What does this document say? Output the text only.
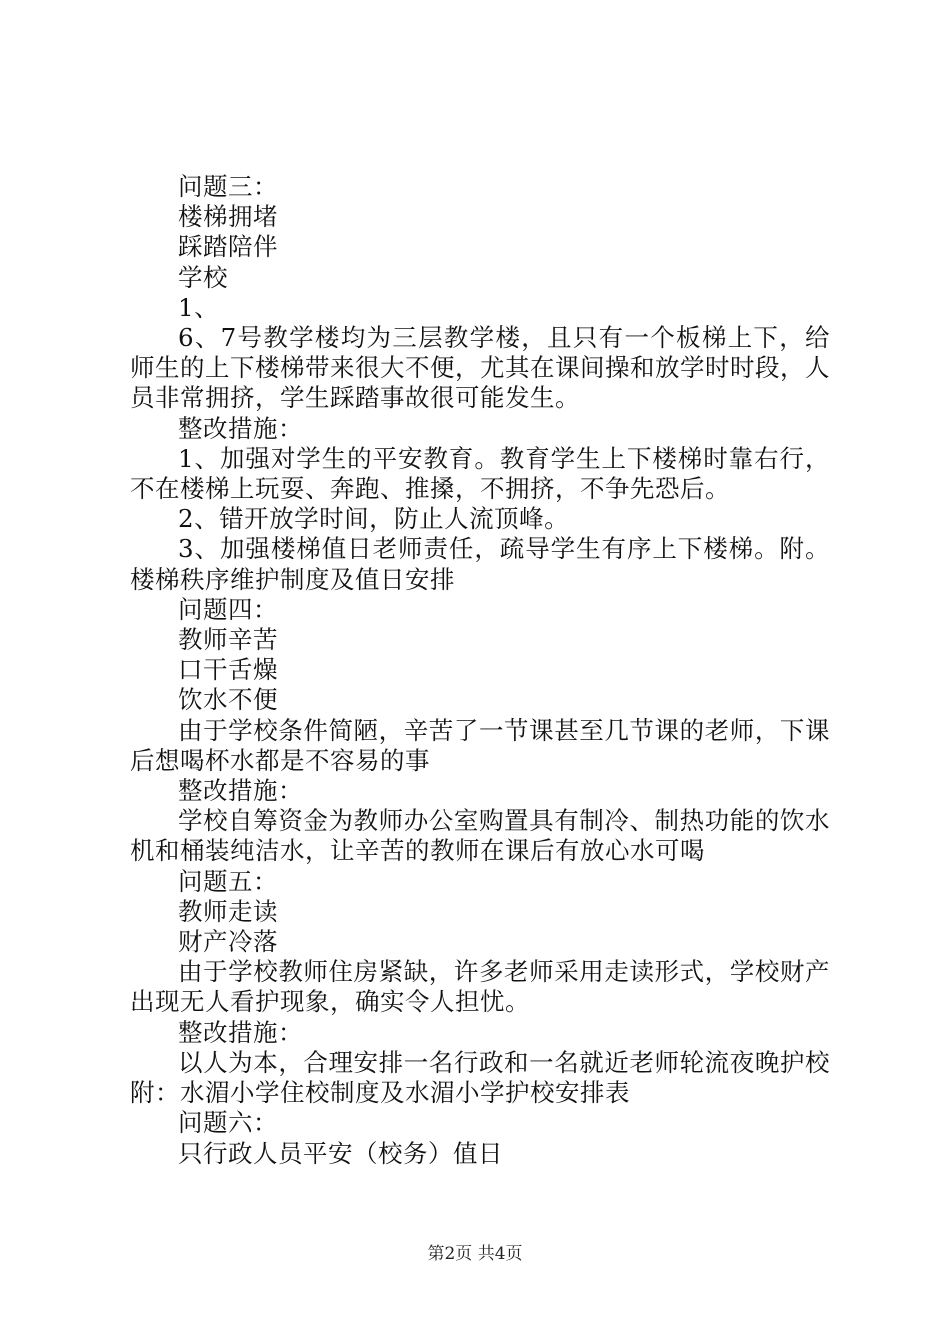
问题三：

楼梯拥堵

踩踏陪伴

学校

1、

6、7号教学楼均为三层教学楼，且只有一个板梯上下，给师生的上下楼梯带来很大不便，尤其在课间操和放学时时段，人员非常拥挤，学生踩踏事故很可能发生。

整改措施：

1、加强对学生的平安教育。教育学生上下楼梯时靠右行，不在楼梯上玩耍、奔跑、推搡，不拥挤，不争先恐后。

2、错开放学时间，防止人流顶峰。

3、加强楼梯值日老师责任，疏导学生有序上下楼梯。附。楼梯秩序维护制度及值日安排

问题四：

教师辛苦

口干舌燥

饮水不便

由于学校条件简陋，辛苦了一节课甚至几节课的老师，下课后想喝杯水都是不容易的事

整改措施：

学校自筹资金为教师办公室购置具有制冷、制热功能的饮水机和桶装纯洁水，让辛苦的教师在课后有放心水可喝

问题五：

教师走读

财产冷落

由于学校教师住房紧缺，许多老师采用走读形式，学校财产出现无人看护现象，确实令人担忧。

整改措施：

以人为本，合理安排一名行政和一名就近老师轮流夜晚护校附：水湄小学住校制度及水湄小学护校安排表

问题六：

只行政人员平安（校务）值日

第2页 共4页
